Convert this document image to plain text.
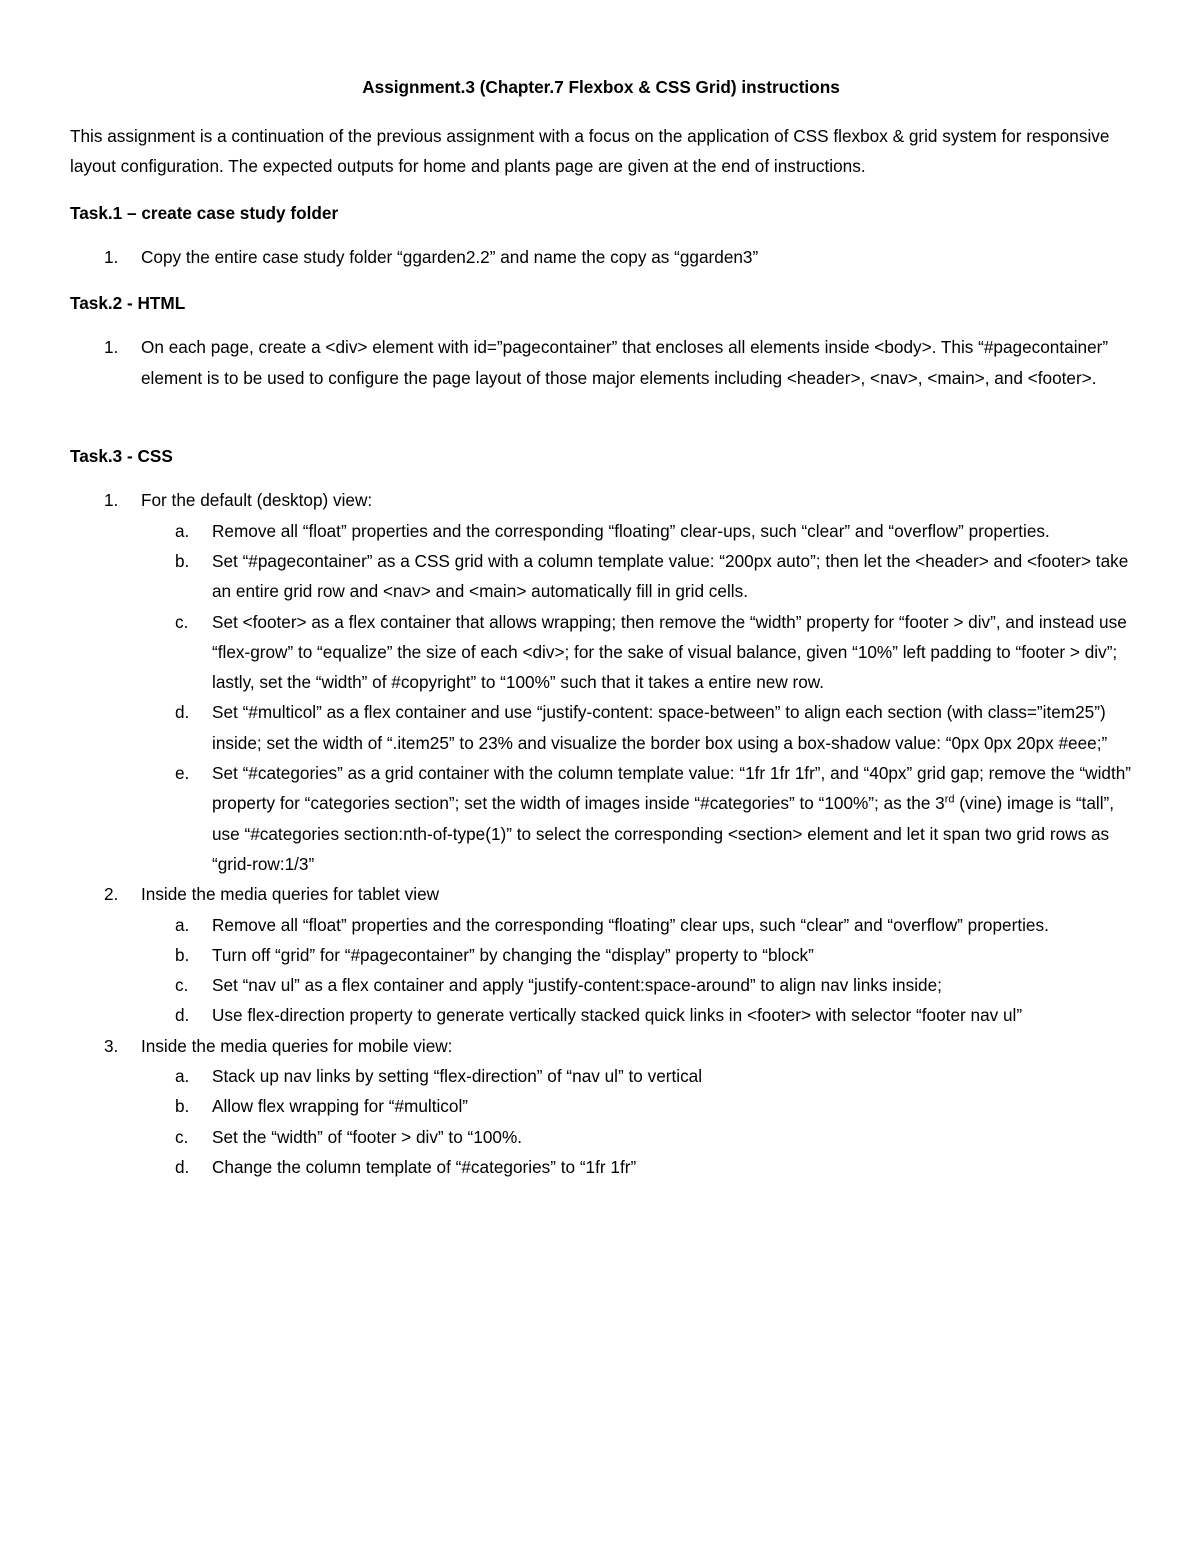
Assignment.3 (Chapter.7 Flexbox & CSS Grid) instructions

This assignment is a continuation of the previous assignment with a focus on the application of CSS flexbox & grid system for responsive layout configuration. The expected outputs for home and plants page are given at the end of instructions.

Task.1 – create case study folder
1. Copy the entire case study folder “ggarden2.2” and name the copy as “ggarden3”
Task.2 - HTML
1. On each page, create a <div> element with id=”pagecontainer” that encloses all elements inside <body>. This “#pagecontainer” element is to be used to configure the page layout of those major elements including <header>, <nav>, <main>, and <footer>.
Task.3 - CSS
1. For the default (desktop) view:
a. Remove all “float” properties and the corresponding “floating” clear-ups, such “clear” and “overflow” properties.
b. Set “#pagecontainer” as a CSS grid with a column template value: “200px auto”; then let the <header> and <footer> take an entire grid row and <nav> and <main> automatically fill in grid cells.
c. Set <footer> as a flex container that allows wrapping; then remove the “width” property for “footer > div”, and instead use “flex-grow” to “equalize” the size of each <div>; for the sake of visual balance, given “10%” left padding to “footer > div”; lastly, set the “width” of #copyright” to “100%” such that it takes a entire new row.
d. Set “#multicol” as a flex container and use “justify-content: space-between” to align each section (with class=”item25”) inside; set the width of “.item25” to 23% and visualize the border box using a box-shadow value: “0px 0px 20px #eee;”
e. Set “#categories” as a grid container with the column template value: “1fr 1fr 1fr”, and “40px” grid gap; remove the “width” property for “categories section”; set the width of images inside “#categories” to “100%”; as the 3rd (vine) image is “tall”, use “#categories section:nth-of-type(1)” to select the corresponding <section> element and let it span two grid rows as “grid-row:1/3”
2. Inside the media queries for tablet view
a. Remove all “float” properties and the corresponding “floating” clear ups, such “clear” and “overflow” properties.
b. Turn off “grid” for “#pagecontainer” by changing the “display” property to “block”
c. Set “nav ul” as a flex container and apply “justify-content:space-around” to align nav links inside;
d. Use flex-direction property to generate vertically stacked quick links in <footer> with selector “footer nav ul”
3. Inside the media queries for mobile view:
a. Stack up nav links by setting “flex-direction” of “nav ul” to vertical
b. Allow flex wrapping for “#multicol”
c. Set the “width” of “footer > div” to “100%.
d. Change the column template of “#categories” to “1fr 1fr”
